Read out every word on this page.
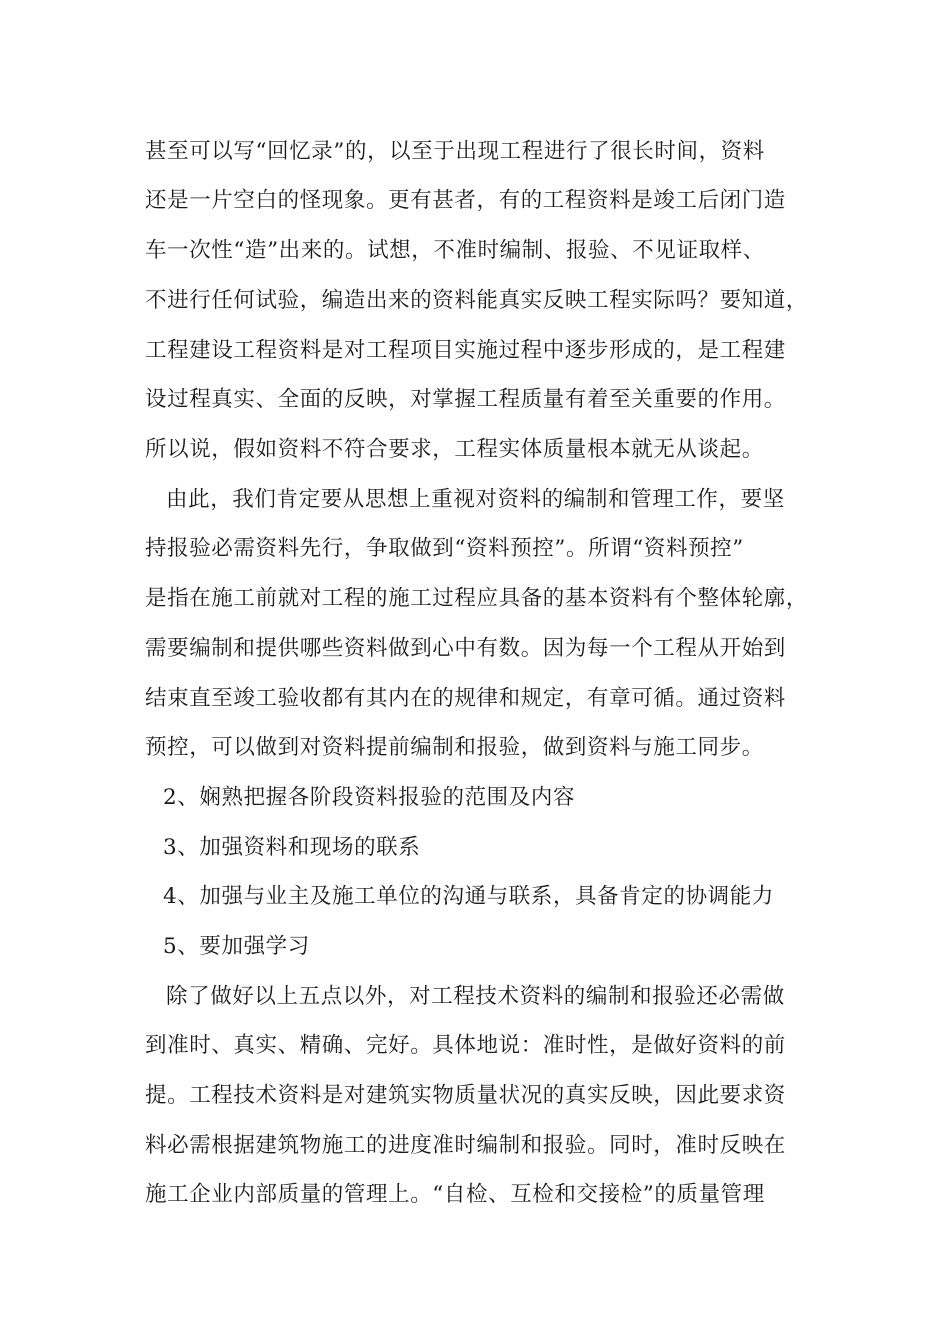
甚至可以写“回忆录”的，以至于出现工程进行了很长时间，资料
还是一片空白的怪现象。更有甚者，有的工程资料是竣工后闭门造
车一次性“造”出来的。试想，不准时编制、报验、不见证取样、
不进行任何试验，编造出来的资料能真实反映工程实际吗？要知道，
工程建设工程资料是对工程项目实施过程中逐步形成的，是工程建
设过程真实、全面的反映，对掌握工程质量有着至关重要的作用。
所以说，假如资料不符合要求，工程实体质量根本就无从谈起。
由此，我们肯定要从思想上重视对资料的编制和管理工作，要坚
持报验必需资料先行，争取做到“资料预控”。所谓“资料预控”
是指在施工前就对工程的施工过程应具备的基本资料有个整体轮廓，
需要编制和提供哪些资料做到心中有数。因为每一个工程从开始到
结束直至竣工验收都有其内在的规律和规定，有章可循。通过资料
预控，可以做到对资料提前编制和报验，做到资料与施工同步。
2、娴熟把握各阶段资料报验的范围及内容
3、加强资料和现场的联系
4、加强与业主及施工单位的沟通与联系，具备肯定的协调能力
5、要加强学习
除了做好以上五点以外，对工程技术资料的编制和报验还必需做
到准时、真实、精确、完好。具体地说：准时性，是做好资料的前
提。工程技术资料是对建筑实物质量状况的真实反映，因此要求资
料必需根据建筑物施工的进度准时编制和报验。同时，准时反映在
施工企业内部质量的管理上。“自检、互检和交接检”的质量管理
